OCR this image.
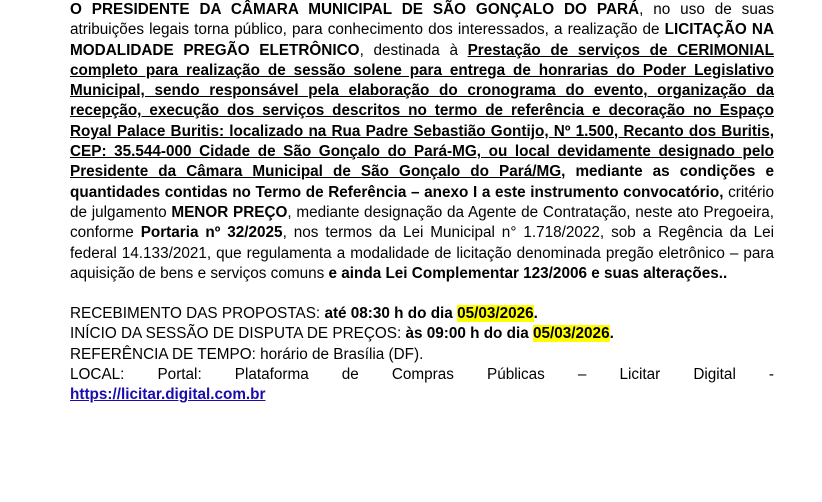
O PRESIDENTE DA CÂMARA MUNICIPAL DE SÃO GONÇALO DO PARÁ, no uso de suas atribuições legais torna público, para conhecimento dos interessados, a realização de LICITAÇÃO NA MODALIDADE PREGÃO ELETRÔNICO, destinada à Prestação de serviços de CERIMONIAL completo para realização de sessão solene para entrega de honrarias do Poder Legislativo Municipal, sendo responsável pela elaboração do cronograma do evento, organização da recepção, execução dos serviços descritos no termo de referência e decoração no Espaço Royal Palace Buritis: localizado na Rua Padre Sebastião Gontijo, Nº 1.500, Recanto dos Buritis, CEP: 35.544-000 Cidade de São Gonçalo do Pará-MG, ou local devidamente designado pelo Presidente da Câmara Municipal de São Gonçalo do Pará/MG, mediante as condições e quantidades contidas no Termo de Referência – anexo I a este instrumento convocatório, critério de julgamento MENOR PREÇO, mediante designação da Agente de Contratação, neste ato Pregoeira, conforme Portaria nº 32/2025, nos termos da Lei Municipal n° 1.718/2022, sob a Regência da Lei federal 14.133/2021, que regulamenta a modalidade de licitação denominada pregão eletrônico – para aquisição de bens e serviços comuns e ainda Lei Complementar 123/2006 e suas alterações..

RECEBIMENTO DAS PROPOSTAS: até 08:30 h do dia 05/03/2026.

INÍCIO DA SESSÃO DE DISPUTA DE PREÇOS: às 09:00 h do dia 05/03/2026.

REFERÊNCIA DE TEMPO: horário de Brasília (DF).

LOCAL: Portal: Plataforma de Compras Públicas – Licitar Digital -

https://licitar.digital.com.br
